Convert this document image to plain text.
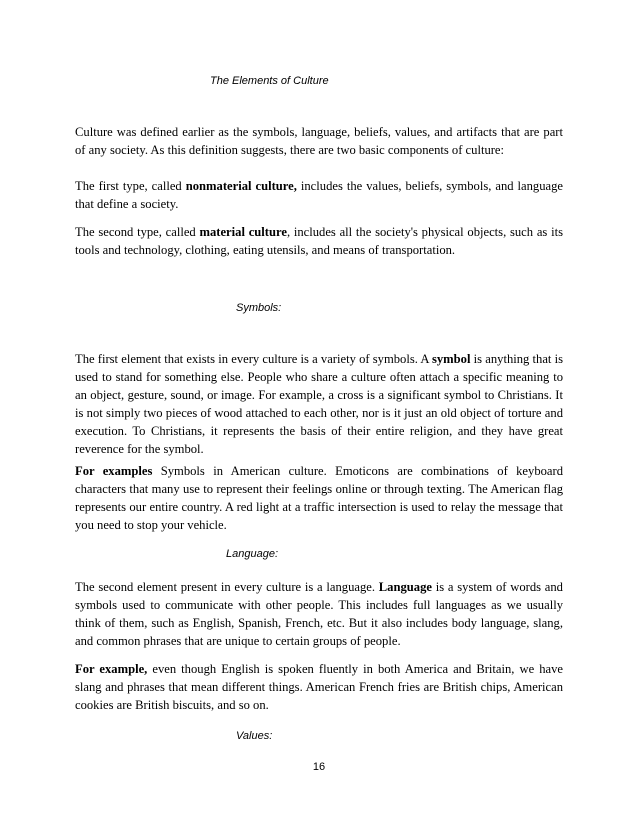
The Elements of Culture

Culture was defined earlier as the symbols, language, beliefs, values, and artifacts that are part of any society. As this definition suggests, there are two basic components of culture:

The first type, called nonmaterial culture, includes the values, beliefs, symbols, and language that define a society.

The second type, called material culture, includes all the society's physical objects, such as its tools and technology, clothing, eating utensils, and means of transportation.

Symbols:

The first element that exists in every culture is a variety of symbols. A symbol is anything that is used to stand for something else. People who share a culture often attach a specific meaning to an object, gesture, sound, or image. For example, a cross is a significant symbol to Christians. It is not simply two pieces of wood attached to each other, nor is it just an old object of torture and execution. To Christians, it represents the basis of their entire religion, and they have great reverence for the symbol.

For examples Symbols in American culture. Emoticons are combinations of keyboard characters that many use to represent their feelings online or through texting. The American flag represents our entire country. A red light at a traffic intersection is used to relay the message that you need to stop your vehicle.

Language:

The second element present in every culture is a language. Language is a system of words and symbols used to communicate with other people. This includes full languages as we usually think of them, such as English, Spanish, French, etc. But it also includes body language, slang, and common phrases that are unique to certain groups of people.

For example, even though English is spoken fluently in both America and Britain, we have slang and phrases that mean different things. American French fries are British chips, American cookies are British biscuits, and so on.

Values:
16
